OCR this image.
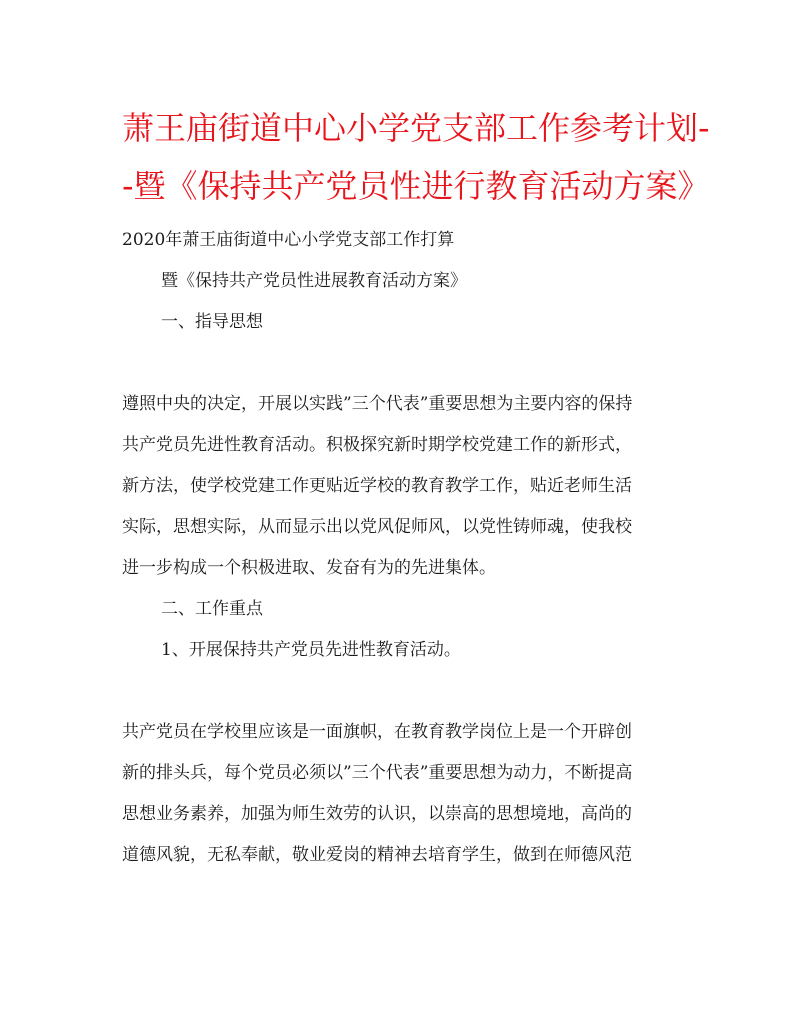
萧王庙街道中心小学党支部工作参考计划-
-暨《保持共产党员性进行教育活动方案》
2020年萧王庙街道中心小学党支部工作打算
暨《保持共产党员性进展教育活动方案》
一、指导思想
遵照中央的决定，开展以实践”三个代表”重要思想为主要内容的保持
共产党员先进性教育活动。积极探究新时期学校党建工作的新形式，
新方法，使学校党建工作更贴近学校的教育教学工作，贴近老师生活
实际，思想实际，从而显示出以党风促师风，以党性铸师魂，使我校
进一步构成一个积极进取、发奋有为的先进集体。
二、工作重点
1、开展保持共产党员先进性教育活动。
共产党员在学校里应该是一面旗帜，在教育教学岗位上是一个开辟创
新的排头兵，每个党员必须以”三个代表”重要思想为动力，不断提高
思想业务素养，加强为师生效劳的认识，以崇高的思想境地，高尚的
道德风貌，无私奉献，敬业爱岗的精神去培育学生，做到在师德风范
